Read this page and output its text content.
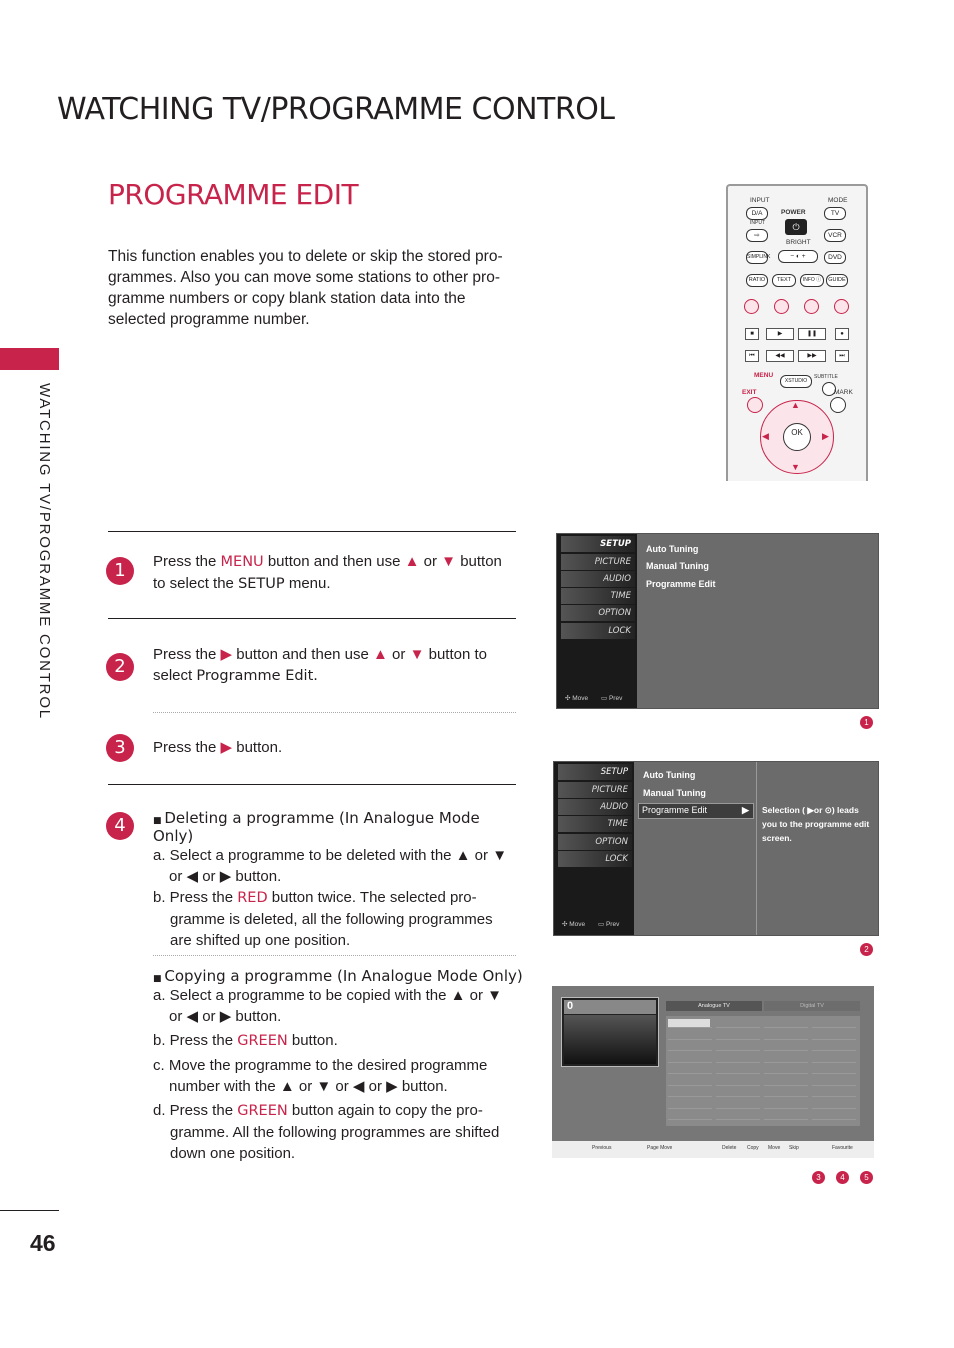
WATCHING TV/PROGRAMME CONTROL
WATCHING TV/PROGRAMME CONTROL
46
PROGRAMME EDIT
This function enables you to delete or skip the stored pro- grammes. Also you can move some stations to other pro- gramme numbers or copy blank station data into the selected programme number.
INPUT	MODE
D/A	POWER	TV
INPUT	⏻
⇨	VCR
BRIGHT
SIMPLINK	− ◐ +	DVD
RATIO	TEXT	INFO ⓘ	GUIDE
■	▶	❚❚	●
⏮	◀◀	▶▶	⏭
MENU
XSTUDIO
SUBTITLE
EXIT	MARK
▲
▼
◀	▶
OK
1	Press the MENU button and then use ▲ or ▼ button
to select the SETUP menu.
2
Press the ▶ button and then use ▲ or ▼ button to
select Programme Edit.
3	Press the ▶ button.
4	■ Deleting a programme (In Analogue Mode Only)
a. Select a programme to be deleted with the ▲ or ▼
or ◀ or ▶ button.
b. Press the RED button twice. The selected pro-
gramme is deleted, all the following programmes
are shifted up one position.
■ Copying a programme (In Analogue Mode Only)
a. Select a programme to be copied with the ▲ or ▼
or ◀ or ▶ button.
b. Press the GREEN button.
c. Move the programme to the desired programme
number with the ▲ or ▼ or ◀ or ▶ button.
d. Press the GREEN button again to copy the pro-
gramme. All the following programmes are shifted
down one position.
SETUP
PICTURE
AUDIO
TIME
OPTION
LOCK
✣ Move ▭ Prev
Auto Tuning
Manual Tuning
Programme Edit
1
SETUP
PICTURE
AUDIO
TIME
OPTION
LOCK
✣ Move ▭ Prev
Auto Tuning
Manual Tuning
Programme Edit	▶ Selection ( ▶or ⊙) leads you to the programme edit screen.
2
0	Analogue TV	Digital TV
Previous	Page Move	Delete Copy Move Skip	Favourite
3	4	5
